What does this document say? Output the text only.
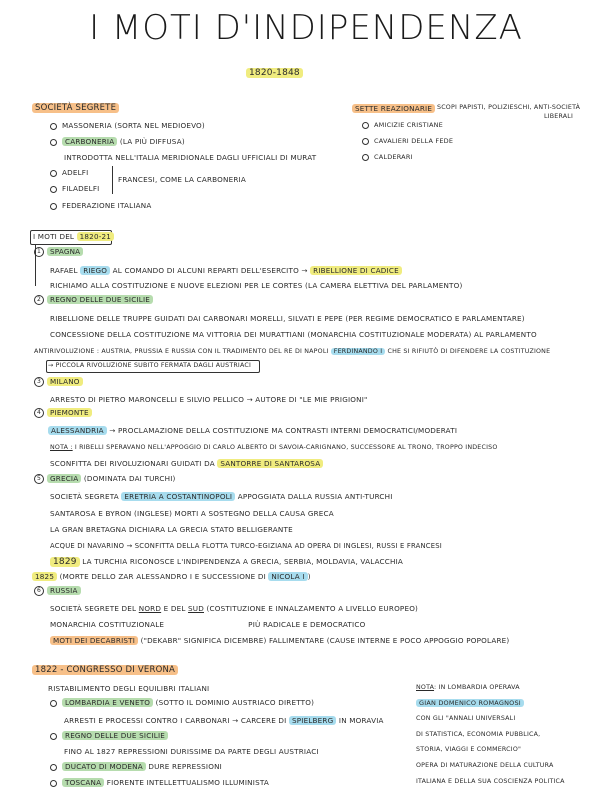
I MOTI D'INDIPENDENZA
1820-1848
SOCIETÀ SEGRETE
MASSONERIA (SORTA NEL MEDIOEVO)
CARBONERIA (LA PIÙ DIFFUSA)
INTRODOTTA NELL'ITALIA MERIDIONALE DAGLI UFFICIALI DI MURAT
ADELFI
FILADELFI
FRANCESI, COME LA CARBONERIA
FEDERAZIONE ITALIANA
SETTE REAZIONARIE SCOPI PAPISTI, POLIZIESCHI, ANTI-SOCIETÀ
LIBERALI
AMICIZIE CRISTIANE
CAVALIERI DELLA FEDE
CALDERARI
I MOTI DEL 1820-21
1 SPAGNA
RAFAEL RIEGO AL COMANDO DI ALCUNI REPARTI DELL'ESERCITO → RIBELLIONE DI CADICE
RICHIAMO ALLA COSTITUZIONE E NUOVE ELEZIONI PER LE CORTES (LA CAMERA ELETTIVA DEL PARLAMENTO)
2 REGNO DELLE DUE SICILIE
RIBELLIONE DELLE TRUPPE GUIDATI DAI CARBONARI MORELLI, SILVATI E PEPE (PER REGIME DEMOCRATICO E PARLAMENTARE)
CONCESSIONE DELLA COSTITUZIONE MA VITTORIA DEI MURATTIANI (MONARCHIA COSTITUZIONALE MODERATA) AL PARLAMENTO
ANTIRIVOLUZIONE : AUSTRIA, PRUSSIA E RUSSIA CON IL TRADIMENTO DEL RE DI NAPOLI FERDINANDO I CHE SI RIFIUTÒ DI DIFENDERE LA COSTITUZIONE
→ PICCOLA RIVOLUZIONE SUBITO FERMATA DAGLI AUSTRIACI
3 MILANO
ARRESTO DI PIETRO MARONCELLI E SILVIO PELLICO → AUTORE DI "LE MIE PRIGIONI"
4 PIEMONTE
ALESSANDRIA → PROCLAMAZIONE DELLA COSTITUZIONE MA CONTRASTI INTERNI DEMOCRATICI/MODERATI
NOTA : I RIBELLI SPERAVANO NELL'APPOGGIO DI CARLO ALBERTO DI SAVOIA-CARIGNANO, SUCCESSORE AL TRONO, TROPPO INDECISO
SCONFITTA DEI RIVOLUZIONARI GUIDATI DA SANTORRE DI SANTAROSA
5 GRECIA (DOMINATA DAI TURCHI)
SOCIETÀ SEGRETA ERETRIA A COSTANTINOPOLI APPOGGIATA DALLA RUSSIA ANTI-TURCHI
SANTAROSA E BYRON (INGLESE) MORTI A SOSTEGNO DELLA CAUSA GRECA
LA GRAN BRETAGNA DICHIARA LA GRECIA STATO BELLIGERANTE
ACQUE DI NAVARINO → SCONFITTA DELLA FLOTTA TURCO-EGIZIANA AD OPERA DI INGLESI, RUSSI E FRANCESI
1829 LA TURCHIA RICONOSCE L'INDIPENDENZA A GRECIA, SERBIA, MOLDAVIA, VALACCHIA
1825 (MORTE DELLO ZAR ALESSANDRO I E SUCCESSIONE DI NICOLA I )
6 RUSSIA
SOCIETÀ SEGRETE DEL NORD E DEL SUD (COSTITUZIONE E INNALZAMENTO A LIVELLO EUROPEO)
MONARCHIA COSTITUZIONALE	PIÙ RADICALE E DEMOCRATICO
MOTI DEI DECABRISTI ("DEKABR" SIGNIFICA DICEMBRE) FALLIMENTARE (CAUSE INTERNE E POCO APPOGGIO POPOLARE)
1822 - CONGRESSO DI VERONA
RISTABILIMENTO DEGLI EQUILIBRI ITALIANI
LOMBARDIA E VENETO (SOTTO IL DOMINIO AUSTRIACO DIRETTO)
ARRESTI E PROCESSI CONTRO I CARBONARI → CARCERE DI SPIELBERG IN MORAVIA
REGNO DELLE DUE SICILIE
FINO AL 1827 REPRESSIONI DURISSIME DA PARTE DEGLI AUSTRIACI
DUCATO DI MODENA DURE REPRESSIONI
TOSCANA FIORENTE INTELLETTUALISMO ILLUMINISTA
NOTA: IN LOMBARDIA OPERAVA
GIAN DOMENICO ROMAGNOSI
CON GLI "ANNALI UNIVERSALI
DI STATISTICA, ECONOMIA PUBBLICA,
STORIA, VIAGGI E COMMERCIO"
OPERA DI MATURAZIONE DELLA CULTURA
ITALIANA E DELLA SUA COSCIENZA POLITICA
